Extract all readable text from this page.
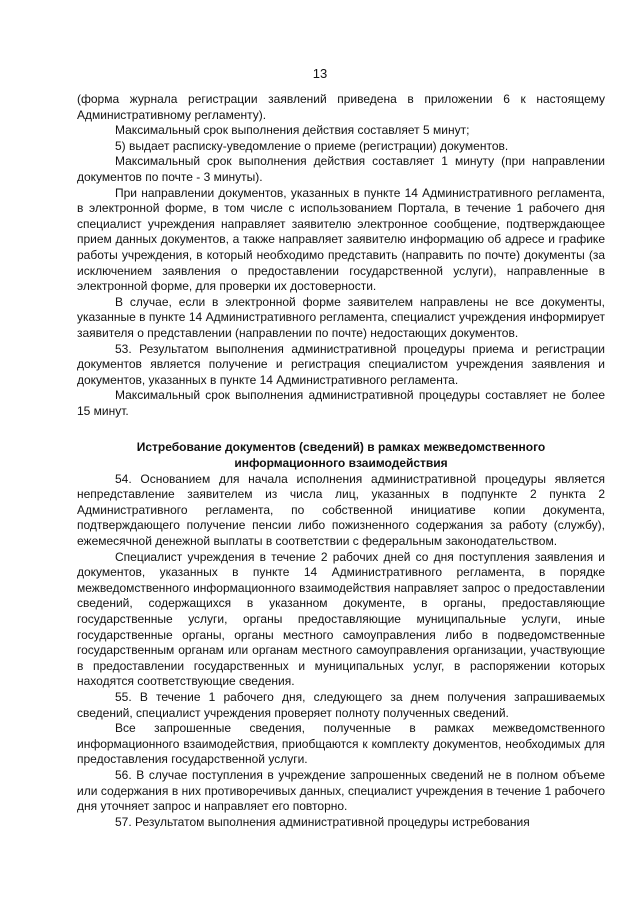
13

(форма журнала регистрации заявлений приведена в приложении 6 к настоящему Административному регламенту).

Максимальный срок выполнения действия составляет 5 минут;

5) выдает расписку-уведомление о приеме (регистрации) документов.

Максимальный срок выполнения действия составляет 1 минуту (при направлении документов по почте - 3 минуты).

При направлении документов, указанных в пункте 14 Административного регламента, в электронной форме, в том числе с использованием Портала, в течение 1 рабочего дня специалист учреждения направляет заявителю электронное сообщение, подтверждающее прием данных документов, а также направляет заявителю информацию об адресе и графике работы учреждения, в который необходимо представить (направить по почте) документы (за исключением заявления о предоставлении государственной услуги), направленные в электронной форме, для проверки их достоверности.

В случае, если в электронной форме заявителем направлены не все документы, указанные в пункте 14 Административного регламента, специалист учреждения информирует заявителя о представлении (направлении по почте) недостающих документов.

53. Результатом выполнения административной процедуры приема и регистрации документов является получение и регистрация специалистом учреждения заявления и документов, указанных в пункте 14 Административного регламента.

Максимальный срок выполнения административной процедуры составляет не более 15 минут.

Истребование документов (сведений) в рамках межведомственного
информационного взаимодействия

54. Основанием для начала исполнения административной процедуры является непредставление заявителем из числа лиц, указанных в подпункте 2 пункта 2 Административного регламента, по собственной инициативе копии документа, подтверждающего получение пенсии либо пожизненного содержания за работу (службу), ежемесячной денежной выплаты в соответствии с федеральным законодательством.

Специалист учреждения в течение 2 рабочих дней со дня поступления заявления и документов, указанных в пункте 14 Административного регламента, в порядке межведомственного информационного взаимодействия направляет запрос о предоставлении сведений, содержащихся в указанном документе, в органы, предоставляющие государственные услуги, органы предоставляющие муниципальные услуги, иные государственные органы, органы местного самоуправления либо в подведомственные государственным органам или органам местного самоуправления организации, участвующие в предоставлении государственных и муниципальных услуг, в распоряжении которых находятся соответствующие сведения.

55. В течение 1 рабочего дня, следующего за днем получения запрашиваемых сведений, специалист учреждения проверяет полноту полученных сведений.

Все запрошенные сведения, полученные в рамках межведомственного информационного взаимодействия, приобщаются к комплекту документов, необходимых для предоставления государственной услуги.

56. В случае поступления в учреждение запрошенных сведений не в полном объеме или содержания в них противоречивых данных, специалист учреждения в течение 1 рабочего дня уточняет запрос и направляет его повторно.

57. Результатом выполнения административной процедуры истребования
